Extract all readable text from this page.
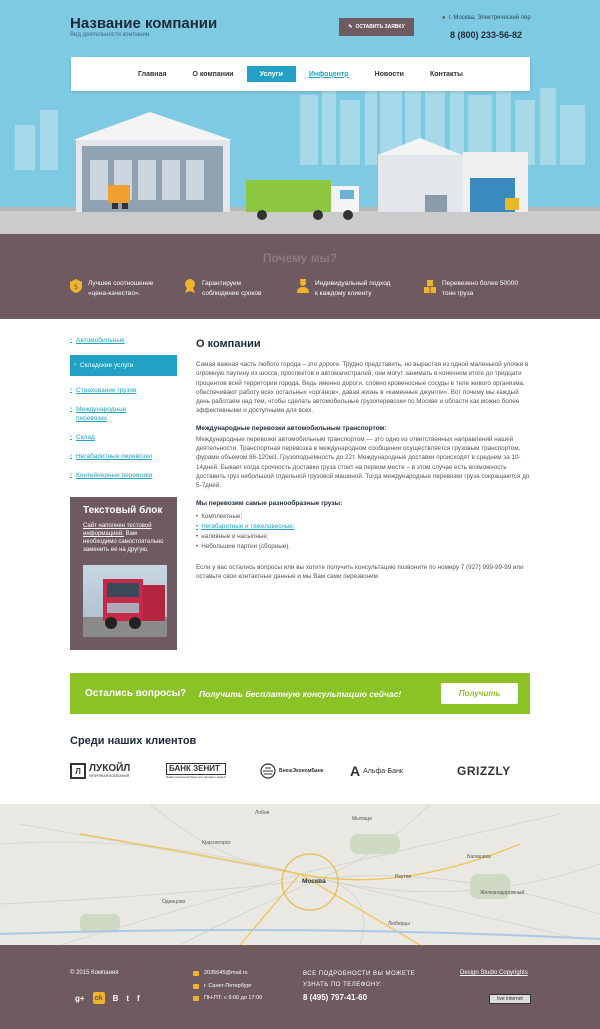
Название компании
Вид деятельности компании
✎ ОСТАВИТЬ ЗАЯВКУ
● г. Москва, Электрический пер
8 (800) 233-56-82
Главная	О компании	Услуги	Инфоцентр	Новости	Контакты
Почему мы?
$ Лучшее соотношение
«цена-качество».
Гарантируем
соблюдение сроков
Индивидуальный подход
к каждому клиенту
Перевезено более 50000
тонн груза
› Автомобильные
› Складские услуги
› Страхование грузов
› Международные перевозки
› Склад
› Негабаритные перевозки
› Контейнерные перевозки
Текстовый блок
Сайт наполнен тестовой информацией. Вам необходимо самостоятельно заменить ее на другую.
О компании

Самая важная часть любого города – это дороги. Трудно представить, но вырастая из одной маленькой улочки в огромную паутину из шоссе, проспектов и автомагистралей, они могут занимать в конечном итоге до тридцати процентов всей территории города. Ведь именно дороги, словно кровеносные сосуды в теле живого организма, обеспечивают работу всех остальных «органов», давая жизнь в «каменные джунгли». Вот почему мы каждый день работаем над тем, чтобы сделать автомобильные грузоперевозки по Москве и области как можно более эффективными и доступными для всех.

Международные перевозки автомобильным транспортом:

Международные перевозки автомобильным транспортом — это одно из ответственных направлений нашей деятельности. Транспортная перевозка в международном сообщении осуществляется грузовым транспортом, фурами объемом 86-120м3. Грузоподъемность до 22т. Международные доставки происходят в среднем за 10-14дней. Бывает когда срочность доставки груза стоит на первом месте – в этом случае есть возможность доставить груз небольшой отдельной грузовой машиной. Тогда международные перевозки груза сокращаются до 5-7дней.

Мы перевозим самые разнообразные грузы:
• Комплектные;
• Негабаритные и тяжеловесные;
• наливные и насыпные;
• Небольшие партии (сборные).

Если у вас остались вопросы или вы хотите получить консультацию позвоните по номеру 7 (927) 999-99-99 или оставьте свои контактные данные и мы Вам сами перезвоним

Остались вопросы? Получить бесплатную консультацию сейчас!	Получить
Среди наших клиентов
Л ЛУКОЙЛ
НЕФТЯНАЯ КОМПАНИЯ
БАНК ЗЕНИТ
Инвестиционный банк для деловых людей
ВнешЭкономБанк А Альфа-Банк	GRIZZLY
Москва
Красногорск
Одинцово
Балашиха
Люберцы
Реутов
Железнодорожный
Лобня
Мытищи
© 2015 Компания
g+ ok B t f
2035645@mail.ru
г. Санкт-Петербург
ПН-ПТ: с 9:00 до 17:00
ВСЕ ПОДРОБНОСТИ ВЫ МОЖЕТЕ
УЗНАТЬ ПО ТЕЛЕФОНУ:
8 (495) 797-41-60
Design Studio Copyrights
live internet
